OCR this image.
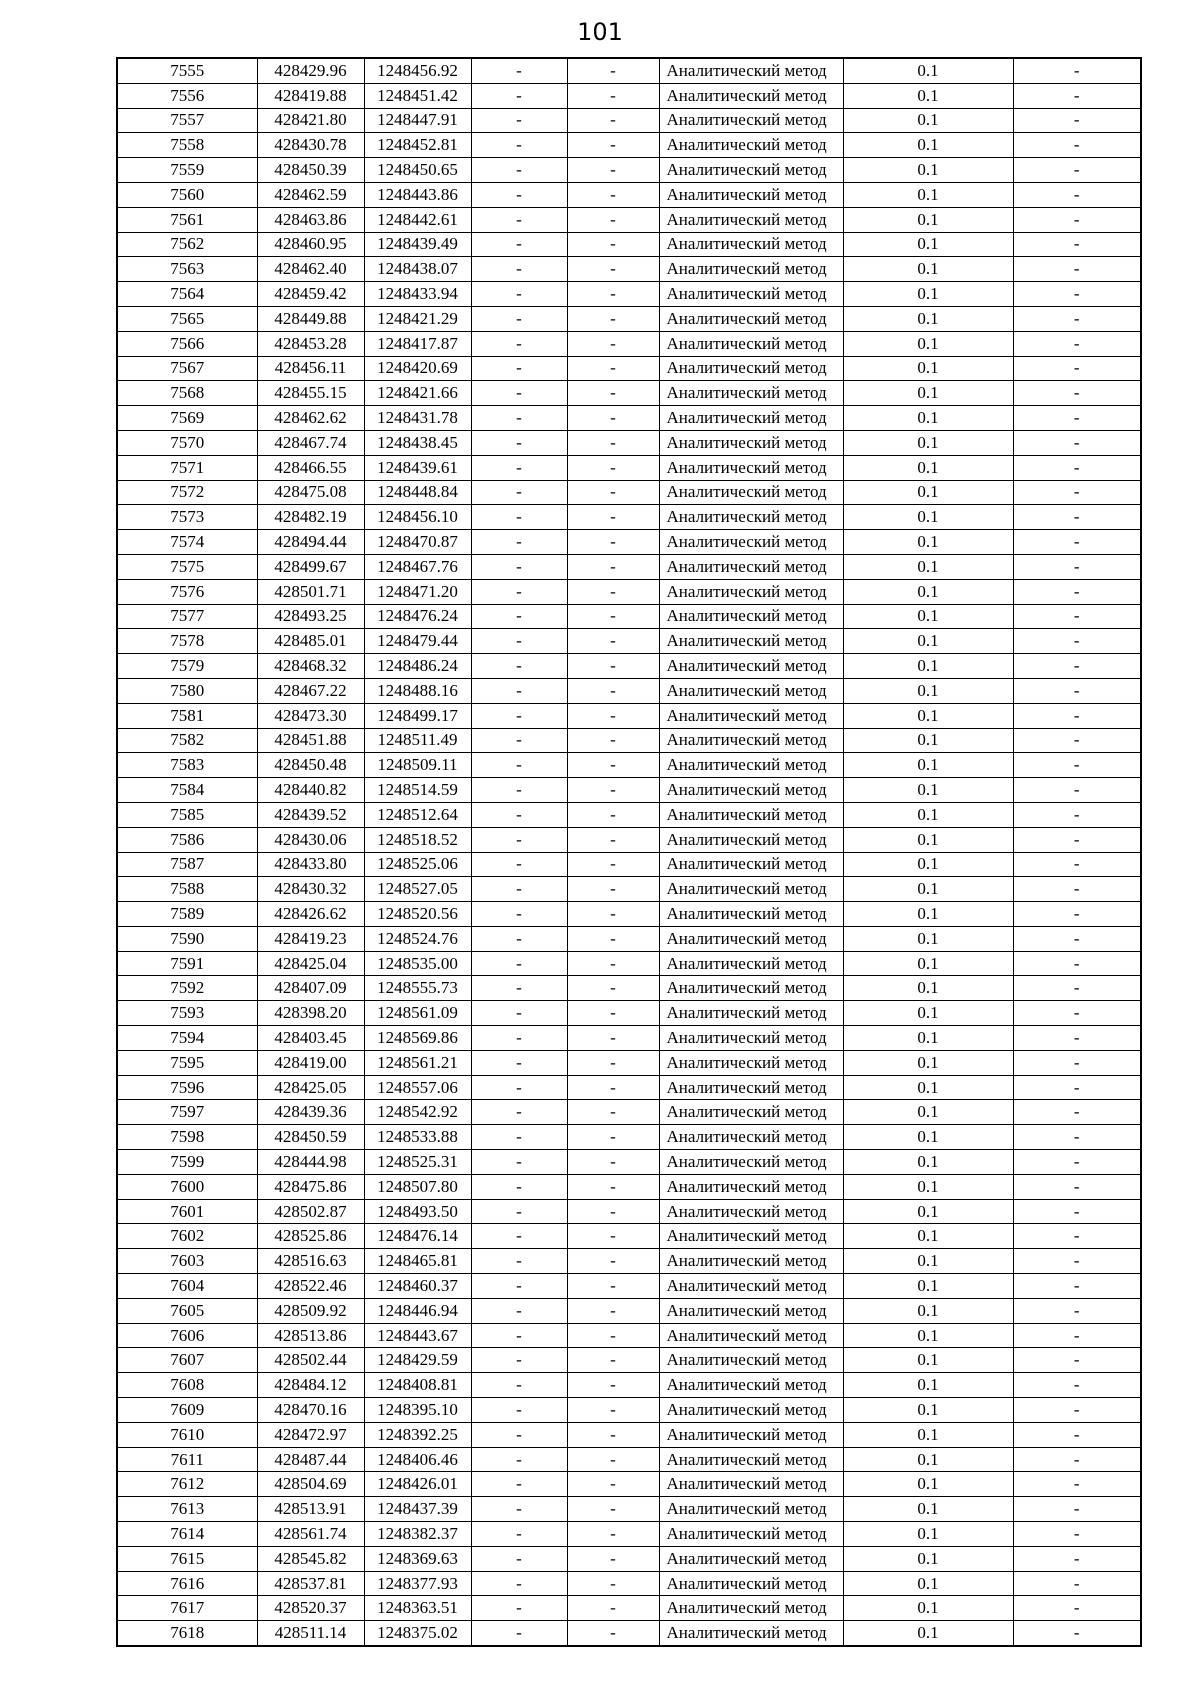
101
7555	428429.96	1248456.92	-	-	Аналитический метод	0.1	-
7556	428419.88	1248451.42	-	-	Аналитический метод	0.1	-
7557	428421.80	1248447.91	-	-	Аналитический метод	0.1	-
7558	428430.78	1248452.81	-	-	Аналитический метод	0.1	-
7559	428450.39	1248450.65	-	-	Аналитический метод	0.1	-
7560	428462.59	1248443.86	-	-	Аналитический метод	0.1	-
7561	428463.86	1248442.61	-	-	Аналитический метод	0.1	-
7562	428460.95	1248439.49	-	-	Аналитический метод	0.1	-
7563	428462.40	1248438.07	-	-	Аналитический метод	0.1	-
7564	428459.42	1248433.94	-	-	Аналитический метод	0.1	-
7565	428449.88	1248421.29	-	-	Аналитический метод	0.1	-
7566	428453.28	1248417.87	-	-	Аналитический метод	0.1	-
7567	428456.11	1248420.69	-	-	Аналитический метод	0.1	-
7568	428455.15	1248421.66	-	-	Аналитический метод	0.1	-
7569	428462.62	1248431.78	-	-	Аналитический метод	0.1	-
7570	428467.74	1248438.45	-	-	Аналитический метод	0.1	-
7571	428466.55	1248439.61	-	-	Аналитический метод	0.1	-
7572	428475.08	1248448.84	-	-	Аналитический метод	0.1	-
7573	428482.19	1248456.10	-	-	Аналитический метод	0.1	-
7574	428494.44	1248470.87	-	-	Аналитический метод	0.1	-
7575	428499.67	1248467.76	-	-	Аналитический метод	0.1	-
7576	428501.71	1248471.20	-	-	Аналитический метод	0.1	-
7577	428493.25	1248476.24	-	-	Аналитический метод	0.1	-
7578	428485.01	1248479.44	-	-	Аналитический метод	0.1	-
7579	428468.32	1248486.24	-	-	Аналитический метод	0.1	-
7580	428467.22	1248488.16	-	-	Аналитический метод	0.1	-
7581	428473.30	1248499.17	-	-	Аналитический метод	0.1	-
7582	428451.88	1248511.49	-	-	Аналитический метод	0.1	-
7583	428450.48	1248509.11	-	-	Аналитический метод	0.1	-
7584	428440.82	1248514.59	-	-	Аналитический метод	0.1	-
7585	428439.52	1248512.64	-	-	Аналитический метод	0.1	-
7586	428430.06	1248518.52	-	-	Аналитический метод	0.1	-
7587	428433.80	1248525.06	-	-	Аналитический метод	0.1	-
7588	428430.32	1248527.05	-	-	Аналитический метод	0.1	-
7589	428426.62	1248520.56	-	-	Аналитический метод	0.1	-
7590	428419.23	1248524.76	-	-	Аналитический метод	0.1	-
7591	428425.04	1248535.00	-	-	Аналитический метод	0.1	-
7592	428407.09	1248555.73	-	-	Аналитический метод	0.1	-
7593	428398.20	1248561.09	-	-	Аналитический метод	0.1	-
7594	428403.45	1248569.86	-	-	Аналитический метод	0.1	-
7595	428419.00	1248561.21	-	-	Аналитический метод	0.1	-
7596	428425.05	1248557.06	-	-	Аналитический метод	0.1	-
7597	428439.36	1248542.92	-	-	Аналитический метод	0.1	-
7598	428450.59	1248533.88	-	-	Аналитический метод	0.1	-
7599	428444.98	1248525.31	-	-	Аналитический метод	0.1	-
7600	428475.86	1248507.80	-	-	Аналитический метод	0.1	-
7601	428502.87	1248493.50	-	-	Аналитический метод	0.1	-
7602	428525.86	1248476.14	-	-	Аналитический метод	0.1	-
7603	428516.63	1248465.81	-	-	Аналитический метод	0.1	-
7604	428522.46	1248460.37	-	-	Аналитический метод	0.1	-
7605	428509.92	1248446.94	-	-	Аналитический метод	0.1	-
7606	428513.86	1248443.67	-	-	Аналитический метод	0.1	-
7607	428502.44	1248429.59	-	-	Аналитический метод	0.1	-
7608	428484.12	1248408.81	-	-	Аналитический метод	0.1	-
7609	428470.16	1248395.10	-	-	Аналитический метод	0.1	-
7610	428472.97	1248392.25	-	-	Аналитический метод	0.1	-
7611	428487.44	1248406.46	-	-	Аналитический метод	0.1	-
7612	428504.69	1248426.01	-	-	Аналитический метод	0.1	-
7613	428513.91	1248437.39	-	-	Аналитический метод	0.1	-
7614	428561.74	1248382.37	-	-	Аналитический метод	0.1	-
7615	428545.82	1248369.63	-	-	Аналитический метод	0.1	-
7616	428537.81	1248377.93	-	-	Аналитический метод	0.1	-
7617	428520.37	1248363.51	-	-	Аналитический метод	0.1	-
7618	428511.14	1248375.02	-	-	Аналитический метод	0.1	-
